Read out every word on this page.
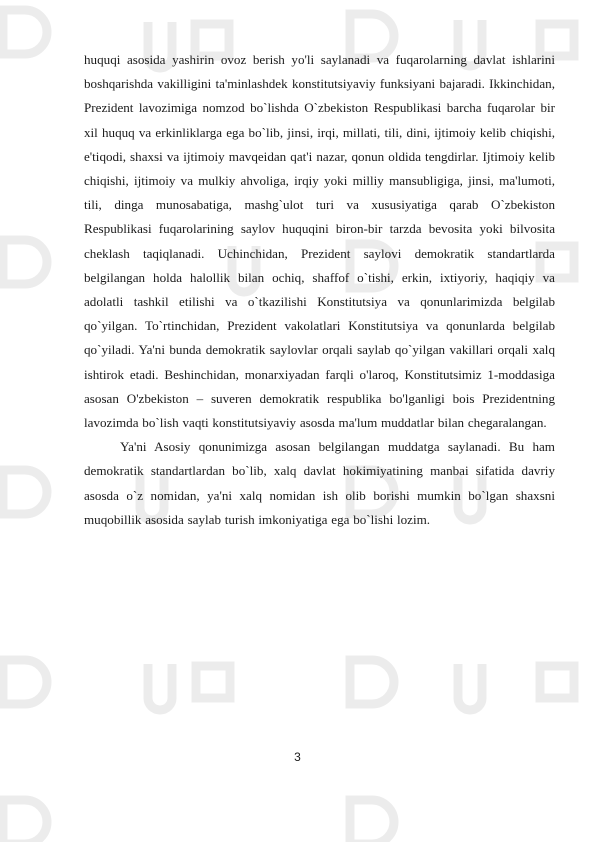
huquqi asosida yashirin ovoz berish yo'li saylanadi va fuqarolarning davlat ishlarini boshqarishda vakilligini ta'minlashdek konstitutsiyaviy funksiyani bajaradi. Ikkinchidan, Prezident lavozimiga nomzod bo`lishda O`zbekiston Respublikasi barcha fuqarolar bir xil huquq va erkinliklarga ega bo`lib, jinsi, irqi, millati, tili, dini, ijtimoiy kelib chiqishi, e'tiqodi, shaxsi va ijtimoiy mavqeidan qat'i nazar, qonun oldida tengdirlar. Ijtimoiy kelib chiqishi, ijtimoiy va mulkiy ahvoliga, irqiy yoki milliy mansubligiga, jinsi, ma'lumoti, tili, dinga munosabatiga, mashg`ulot turi va xususiyatiga qarab O`zbekiston Respublikasi fuqarolarining saylov huquqini biron-bir tarzda bevosita yoki bilvosita cheklash taqiqlanadi. Uchinchidan, Prezident saylovi demokratik standartlarda belgilangan holda halollik bilan ochiq, shaffof o`tishi, erkin, ixtiyoriy, haqiqiy va adolatli tashkil etilishi va o`tkazilishi Konstitutsiya va qonunlarimizda belgilab qo`yilgan. To`rtinchidan, Prezident vakolatlari Konstitutsiya va qonunlarda belgilab qo`yiladi. Ya'ni bunda demokratik saylovlar orqali saylab qo`yilgan vakillari orqali xalq ishtirok etadi. Beshinchidan, monarxiyadan farqli o'laroq, Konstitutsimiz 1-moddasiga asosan O'zbekiston – suveren demokratik respublika bo'lganligi bois Prezidentning lavozimda bo`lish vaqti konstitutsiyaviy asosda ma'lum muddatlar bilan chegaralangan.

Ya'ni Asosiy qonunimizga asosan belgilangan muddatga saylanadi. Bu ham demokratik standartlardan bo`lib, xalq davlat hokimiyatining manbai sifatida davriy asosda o`z nomidan, ya'ni xalq nomidan ish olib borishi mumkin bo`lgan shaxsni muqobillik asosida saylab turish imkoniyatiga ega bo`lishi lozim.

3
